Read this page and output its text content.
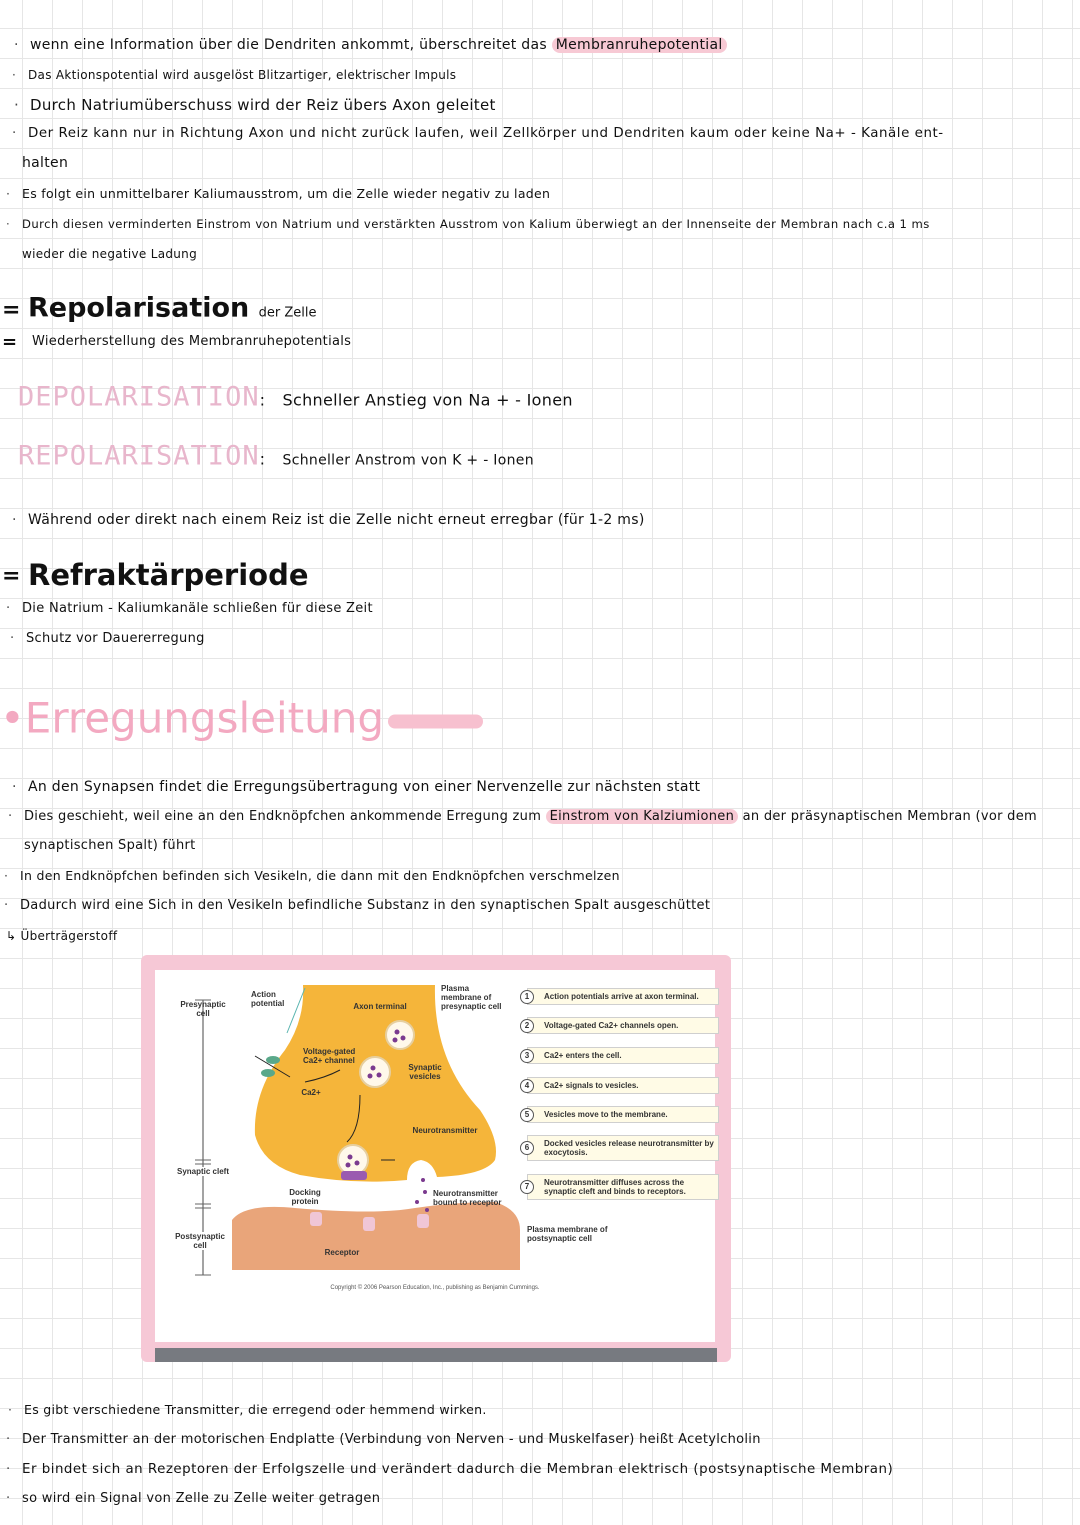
· wenn eine Information über die Dendriten ankommt, überschreitet das Membranruhepotential
· Das Aktionspotential wird ausgelöst Blitzartiger, elektrischer Impuls
· Durch Natriumüberschuss wird der Reiz übers Axon geleitet
· Der Reiz kann nur in Richtung Axon und nicht zurück laufen, weil Zellkörper und Dendriten kaum oder keine Na+ - Kanäle ent-
halten
· Es folgt ein unmittelbarer Kaliumausstrom, um die Zelle wieder negativ zu laden
· Durch diesen verminderten Einstrom von Natrium und verstärkten Ausstrom von Kalium überwiegt an der Innenseite der Membran nach c.a 1 ms
wieder die negative Ladung
= Repolarisation der Zelle
= Wiederherstellung des Membranruhepotentials
DEPOLARISATION: Schneller Anstieg von Na + - Ionen
REPOLARISATION: Schneller Anstrom von K + - Ionen
· Während oder direkt nach einem Reiz ist die Zelle nicht erneut erregbar (für 1-2 ms)
= Refraktärperiode
· Die Natrium - Kaliumkanäle schließen für diese Zeit
· Schutz vor Dauererregung
•Erregungsleitung
· An den Synapsen findet die Erregungsübertragung von einer Nervenzelle zur nächsten statt
· Dies geschieht, weil eine an den Endknöpfchen ankommende Erregung zum Einstrom von Kalziumionen an der präsynaptischen Membran (vor dem
synaptischen Spalt) führt
· In den Endknöpfchen befinden sich Vesikeln, die dann mit den Endknöpfchen verschmelzen
· Dadurch wird eine Sich in den Vesikeln befindliche Substanz in den synaptischen Spalt ausgeschüttet
↳ Überträgerstoff
Presynaptic cell
Synaptic cleft
Postsynaptic cell
Action potential	Axon terminal
Plasma membrane of presynaptic cell
Voltage-gated Ca2+ channel
Ca2+
Synaptic vesicles
Neurotransmitter
Docking protein
Neurotransmitter bound to receptor
Receptor
Plasma membrane of postsynaptic cell
1	Action potentials arrive at axon terminal.
2	Voltage-gated Ca2+ channels open.
3	Ca2+ enters the cell.
4	Ca2+ signals to vesicles.
5	Vesicles move to the membrane.
6	Docked vesicles release neurotransmitter by exocytosis.
7	Neurotransmitter diffuses across the synaptic cleft and binds to receptors.
Copyright © 2006 Pearson Education, Inc., publishing as Benjamin Cummings.
· Es gibt verschiedene Transmitter, die erregend oder hemmend wirken.
· Der Transmitter an der motorischen Endplatte (Verbindung von Nerven - und Muskelfaser) heißt Acetylcholin
· Er bindet sich an Rezeptoren der Erfolgszelle und verändert dadurch die Membran elektrisch (postsynaptische Membran)
· so wird ein Signal von Zelle zu Zelle weiter getragen
